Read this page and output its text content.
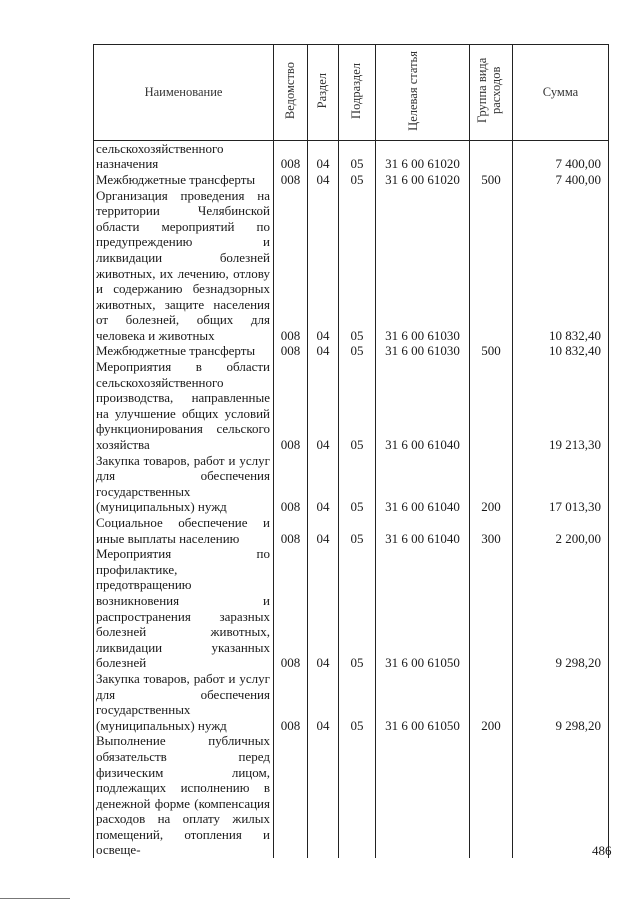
Наименование	Ведомство	Раздел	Подраздел	Целевая статья	Группа вида расходов	Сумма
сельскохозяйственного назначения	008	04	05	31 6 00 61020		7 400,00
Межбюджетные трансферты	008	04	05	31 6 00 61020	500	7 400,00
Организация проведения на территории Челябинской области мероприятий по предупреждению и ликвидации болезней животных, их лечению, отлову и содержанию безнадзорных животных, защите населения от болезней, общих для человека и животных	008	04	05	31 6 00 61030		10 832,40
Межбюджетные трансферты	008	04	05	31 6 00 61030	500	10 832,40
Мероприятия в области сельскохозяйственного производства, направленные на улучшение общих условий функционирования сельского хозяйства	008	04	05	31 6 00 61040		19 213,30
Закупка товаров, работ и услуг для обеспечения государственных (муниципальных) нужд	008	04	05	31 6 00 61040	200	17 013,30
Социальное обеспечение и иные выплаты населению	008	04	05	31 6 00 61040	300	2 200,00
Мероприятия по профилактике, предотвращению возникновения и распространения заразных болезней животных, ликвидации указанных болезней	008	04	05	31 6 00 61050		9 298,20
Закупка товаров, работ и услуг для обеспечения государственных (муниципальных) нужд	008	04	05	31 6 00 61050	200	9 298,20
Выполнение публичных обязательств перед физическим лицом, подлежащих исполнению в денежной форме (компенсация расходов на оплату жилых помещений, отопления и освеще-							486
